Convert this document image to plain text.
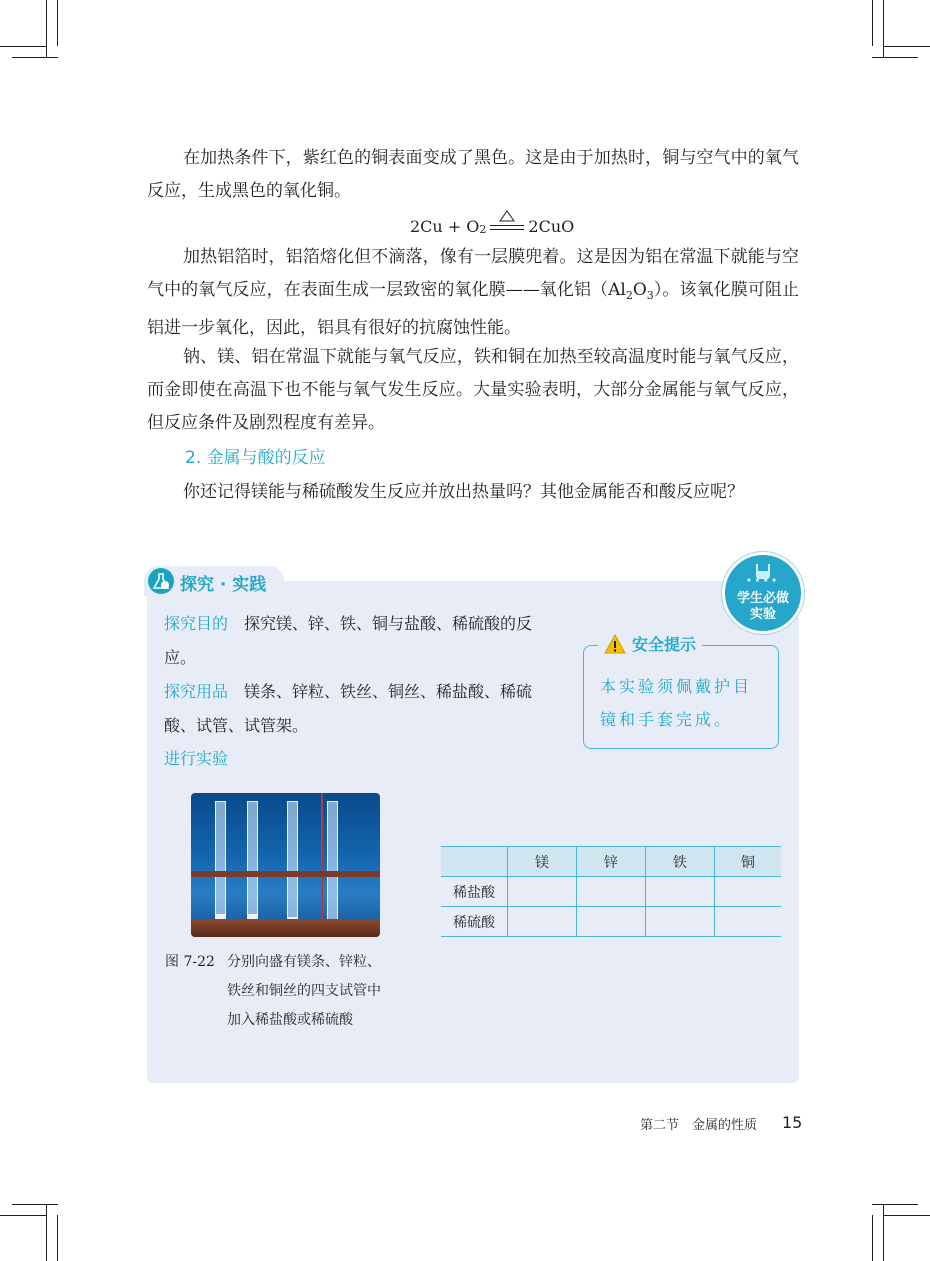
在加热条件下，紫红色的铜表面变成了黑色。这是由于加热时，铜与空气中的氧气反应，生成黑色的氧化铜。

2Cu + O 2	2CuO

加热铝箔时，铝箔熔化但不滴落，像有一层膜兜着。这是因为铝在常温下就能与空气中的氧气反应，在表面生成一层致密的氧化膜——氧化铝$(Al_2O_3)$。该氧化膜可阻止铝进一步氧化，因此，铝具有很好的抗腐蚀性能。

钠、镁、铝在常温下就能与氧气反应，铁和铜在加热至较高温度时能与氧气反应，而金即使在高温下也不能与氧气发生反应。大量实验表明，大部分金属能与氧气反应，但反应条件及剧烈程度有差异。

2. 金属与酸的反应

你还记得镁能与稀硫酸发生反应并放出热量吗？其他金属能否和酸反应呢？

探究 · 实践	★★★★
学生必做
实验

探究目的　 探究镁、锌、铁、铜与盐酸、稀硫酸的反应。

探究用品　 镁条、锌粒、铁丝、铜丝、稀盐酸、稀硫酸、试管、试管架。

进行实验

安全提示

本实验须佩戴护目镜和手套完成。

图 7-22 分别向盛有镁条、锌粒、
铁丝和铜丝的四支试管中
加入稀盐酸或稀硫酸
	镁	锌	铁	铜
稀盐酸				
稀硫酸				
第二节　金属的性质 15
